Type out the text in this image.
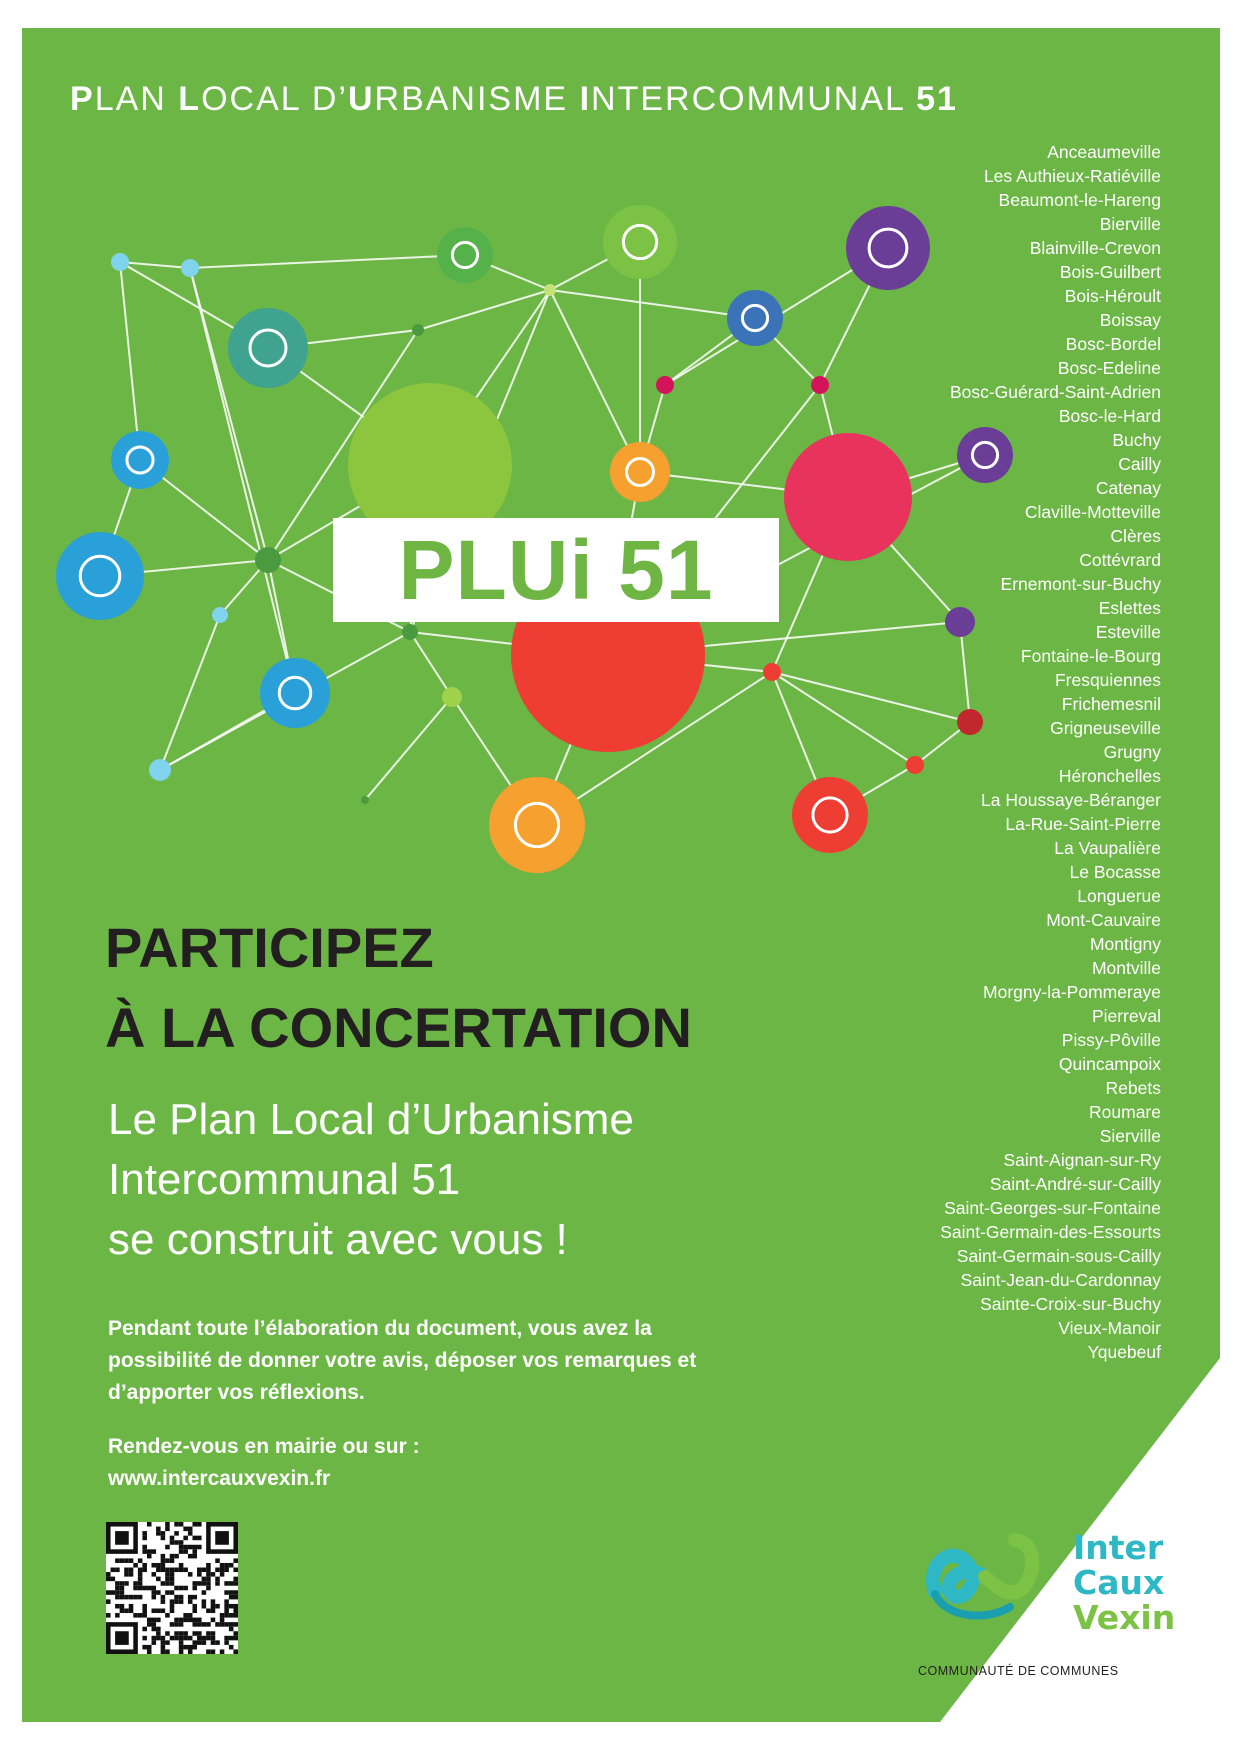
PLAN LOCAL D’URBANISME INTERCOMMUNAL 51
Anceaumeville
Les Authieux-Ratiéville
Beaumont-le-Hareng
Bierville
Blainville-Crevon
Bois-Guilbert
Bois-Héroult
Boissay
Bosc-Bordel
Bosc-Edeline
Bosc-Guérard-Saint-Adrien
Bosc-le-Hard
Buchy
Cailly
Catenay
Claville-Motteville
Clères
Cottévrard
Ernemont-sur-Buchy
Eslettes
Esteville
Fontaine-le-Bourg
Fresquiennes
Frichemesnil
Grigneuseville
Grugny
Héronchelles
La Houssaye-Béranger
La-Rue-Saint-Pierre
La Vaupalière
Le Bocasse
Longuerue
Mont-Cauvaire
Montigny
Montville
Morgny-la-Pommeraye
Pierreval
Pissy-Pôville
Quincampoix
Rebets
Roumare
Sierville
Saint-Aignan-sur-Ry
Saint-André-sur-Cailly
Saint-Georges-sur-Fontaine
Saint-Germain-des-Essourts
Saint-Germain-sous-Cailly
Saint-Jean-du-Cardonnay
Sainte-Croix-sur-Buchy
Vieux-Manoir
Yquebeuf
PLUi 51
PARTICIPEZ
À LA CONCERTATION
Le Plan Local d’Urbanisme
Intercommunal 51
se construit avec vous !
Pendant toute l’élaboration du document, vous avez la
possibilité de donner votre avis, déposer vos remarques et
d’apporter vos réflexions.
Rendez-vous en mairie ou sur :
www.intercauxvexin.fr
Inter
Caux
Vexin
COMMUNAUTÉ DE COMMUNES
